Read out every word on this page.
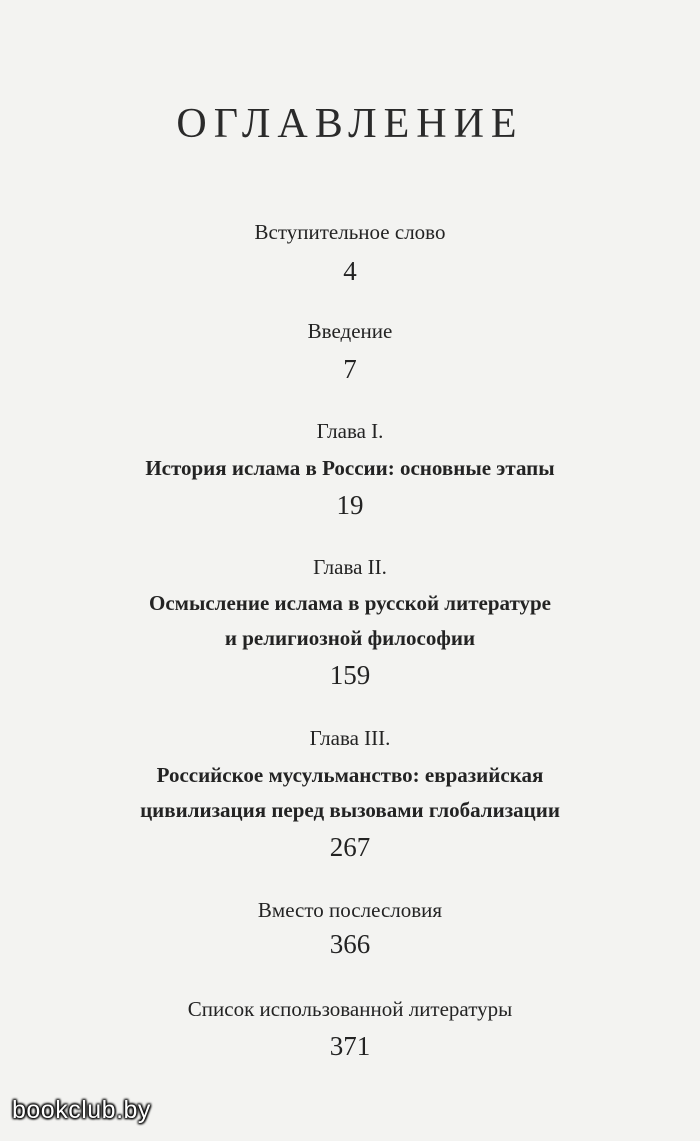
ОГЛАВЛЕНИЕ
Вступительное слово
4
Введение
7
Глава I.
История ислама в России: основные этапы
19
Глава II.
Осмысление ислама в русской литературе
и религиозной философии
159
Глава III.
Российское мусульманство: евразийская
цивилизация перед вызовами глобализации
267
Вместо послесловия
366
Список использованной литературы
371
bookclub.by
